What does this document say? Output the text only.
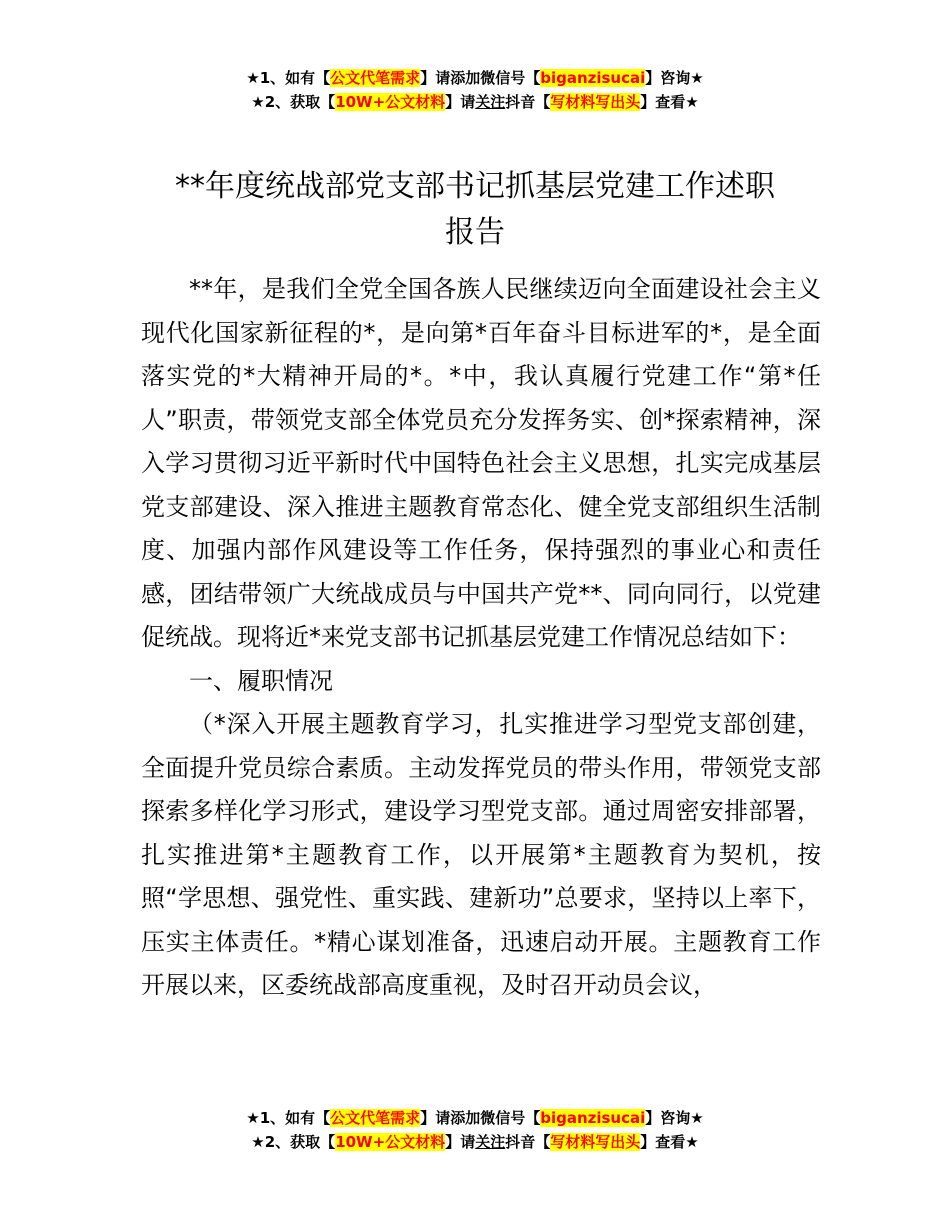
★1、如有【公文代笔需求】请添加微信号【biganzisucai】咨询★
★2、获取【10W+公文材料】请关注抖音【写材料写出头】查看★
**年度统战部党支部书记抓基层党建工作述职
报告

**年，是我们全党全国各族人民继续迈向全面建设社会主义现代化国家新征程的*，是向第*百年奋斗目标进军的*，是全面落实党的*大精神开局的*。*中，我认真履行党建工作“第*任人”职责，带领党支部全体党员充分发挥务实、创*探索精神，深入学习贯彻习近平新时代中国特色社会主义思想，扎实完成基层党支部建设、深入推进主题教育常态化、健全党支部组织生活制度、加强内部作风建设等工作任务，保持强烈的事业心和责任感，团结带领广大统战成员与中国共产党**、同向同行，以党建促统战。现将近*来党支部书记抓基层党建工作情况总结如下：

一、履职情况

（*深入开展主题教育学习，扎实推进学习型党支部创建，全面提升党员综合素质。主动发挥党员的带头作用，带领党支部探索多样化学习形式，建设学习型党支部。通过周密安排部署，扎实推进第*主题教育工作，以开展第*主题教育为契机，按照“学思想、强党性、重实践、建新功”总要求，坚持以上率下，压实主体责任。*精心谋划准备，迅速启动开展。主题教育工作开展以来，区委统战部高度重视，及时召开动员会议，

★1、如有【公文代笔需求】请添加微信号【biganzisucai】咨询★
★2、获取【10W+公文材料】请关注抖音【写材料写出头】查看★
